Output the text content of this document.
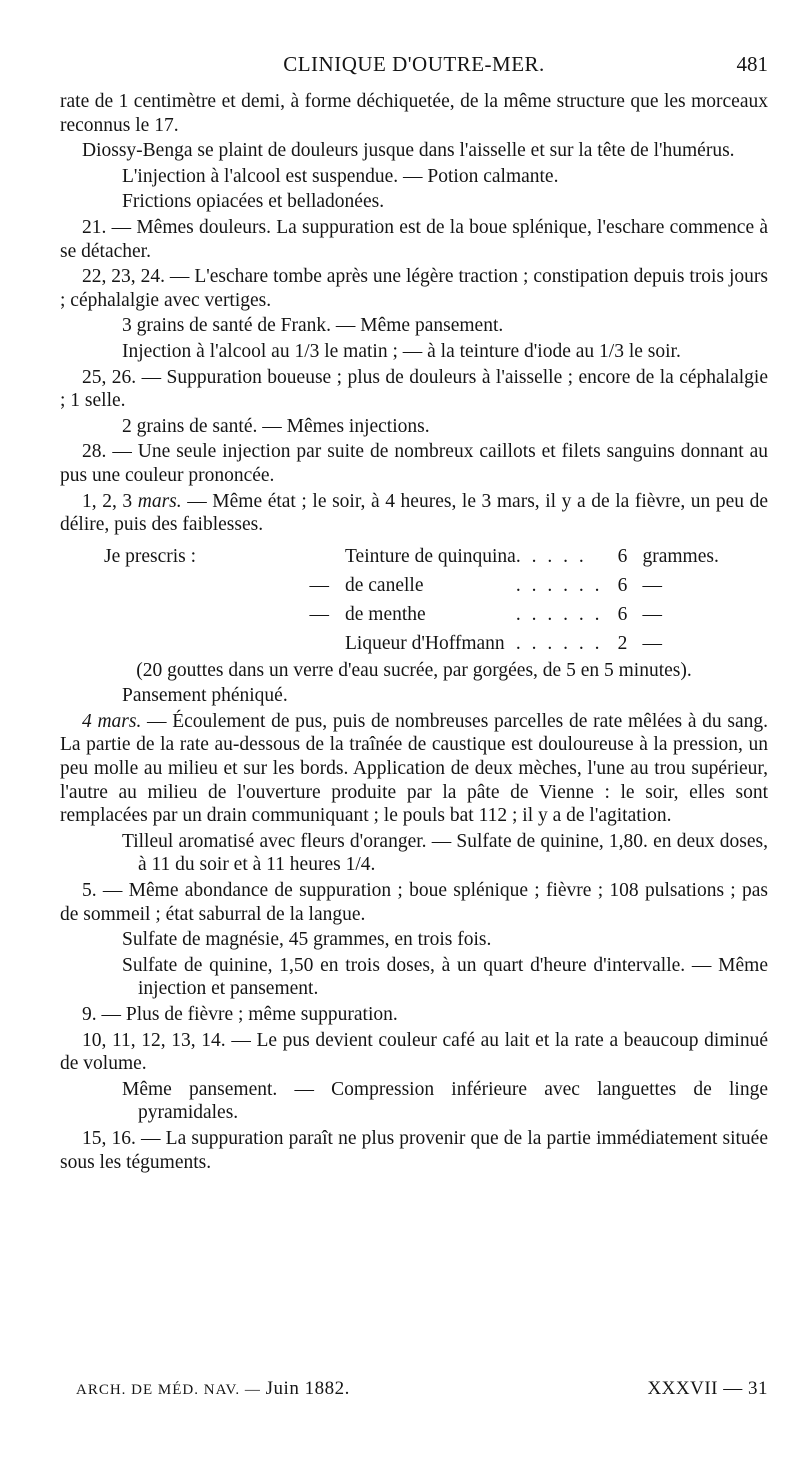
CLINIQUE D'OUTRE-MER.	481

rate de 1 centimètre et demi, à forme déchiquetée, de la même structure que les morceaux reconnus le 17.

Diossy-Benga se plaint de douleurs jusque dans l'aisselle et sur la tête de l'humérus.

L'injection à l'alcool est suspendue. — Potion calmante.

Frictions opiacées et belladonées.

21. — Mêmes douleurs. La suppuration est de la boue splénique, l'eschare commence à se détacher.

22, 23, 24. — L'eschare tombe après une légère traction ; constipation depuis trois jours ; céphalalgie avec vertiges.

3 grains de santé de Frank. — Même pansement.

Injection à l'alcool au 1/3 le matin ; — à la teinture d'iode au 1/3 le soir.

25, 26. — Suppuration boueuse ; plus de douleurs à l'aisselle ; encore de la céphalalgie ; 1 selle.

2 grains de santé. — Mêmes injections.

28. — Une seule injection par suite de nombreux caillots et filets sanguins donnant au pus une couleur prononcée.

1, 2, 3 mars. — Même état ; le soir, à 4 heures, le 3 mars, il y a de la fièvre, un peu de délire, puis des faiblesses.

Je prescris :	Teinture de quinquina	. . . . .	6	grammes.
—	de canelle	. . . . . .	6	—
—	de menthe	. . . . . .	6	—
	Liqueur d'Hoffmann	. . . . . .	2	—

(20 gouttes dans un verre d'eau sucrée, par gorgées, de 5 en 5 minutes).

Pansement phéniqué.

4 mars. — Écoulement de pus, puis de nombreuses parcelles de rate mêlées à du sang. La partie de la rate au-dessous de la traînée de caustique est douloureuse à la pression, un peu molle au milieu et sur les bords. Application de deux mèches, l'une au trou supérieur, l'autre au milieu de l'ouverture produite par la pâte de Vienne : le soir, elles sont remplacées par un drain communiquant ; le pouls bat 112 ; il y a de l'agitation.

Tilleul aromatisé avec fleurs d'oranger. — Sulfate de quinine, 1,80. en deux doses, à 11 du soir et à 11 heures 1/4.

5. — Même abondance de suppuration ; boue splénique ; fièvre ; 108 pulsations ; pas de sommeil ; état saburral de la langue.

Sulfate de magnésie, 45 grammes, en trois fois.

Sulfate de quinine, 1,50 en trois doses, à un quart d'heure d'intervalle. — Même injection et pansement.

9. — Plus de fièvre ; même suppuration.

10, 11, 12, 13, 14. — Le pus devient couleur café au lait et la rate a beaucoup diminué de volume.

Même pansement. — Compression inférieure avec languettes de linge pyramidales.

15, 16. — La suppuration paraît ne plus provenir que de la partie immédiatement située sous les téguments.

ARCH. DE MÉD. NAV. — Juin 1882.	XXXVII — 31
